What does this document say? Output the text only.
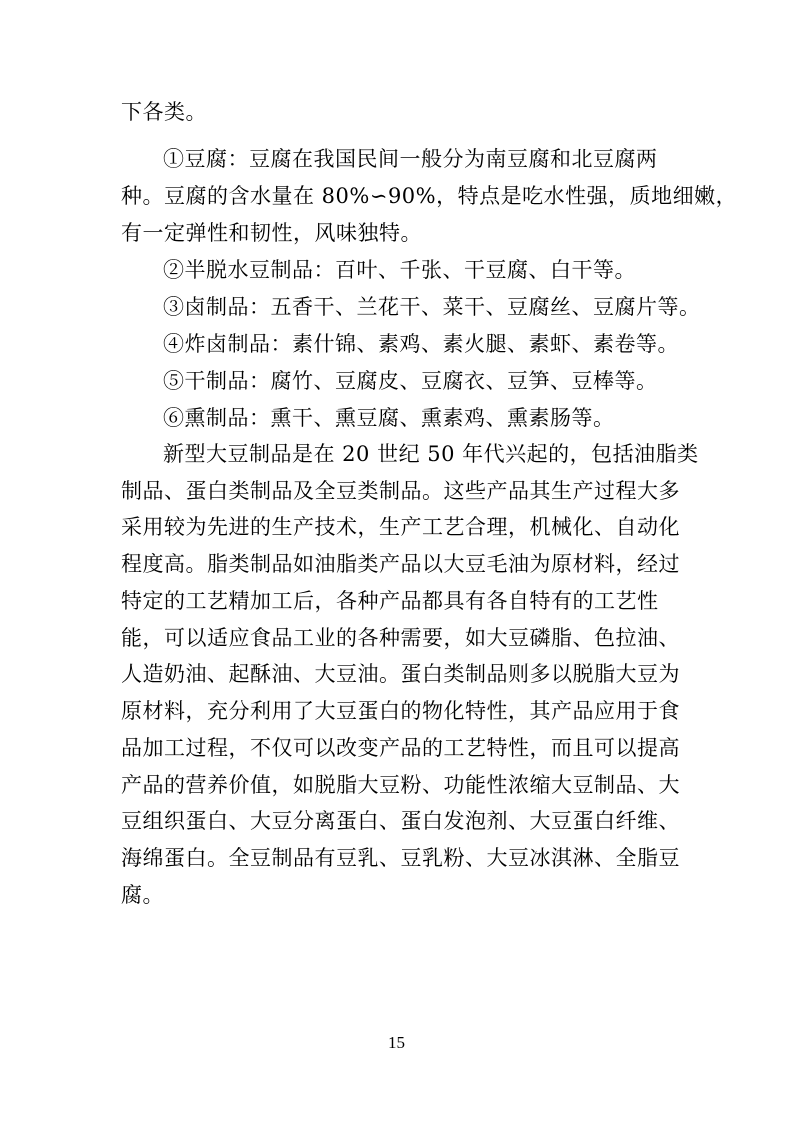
下各类。
①豆腐：豆腐在我国民间一般分为南豆腐和北豆腐两
种。豆腐的含水量在 80%∽90%，特点是吃水性强，质地细嫩，
有一定弹性和韧性，风味独特。
②半脱水豆制品：百叶、千张、干豆腐、白干等。
③卤制品：五香干、兰花干、菜干、豆腐丝、豆腐片等。
④炸卤制品：素什锦、素鸡、素火腿、素虾、素卷等。
⑤干制品：腐竹、豆腐皮、豆腐衣、豆笋、豆棒等。
⑥熏制品：熏干、熏豆腐、熏素鸡、熏素肠等。
新型大豆制品是在 20 世纪 50 年代兴起的，包括油脂类
制品、蛋白类制品及全豆类制品。这些产品其生产过程大多
采用较为先进的生产技术，生产工艺合理，机械化、自动化
程度高。脂类制品如油脂类产品以大豆毛油为原材料，经过
特定的工艺精加工后，各种产品都具有各自特有的工艺性
能，可以适应食品工业的各种需要，如大豆磷脂、色拉油、
人造奶油、起酥油、大豆油。蛋白类制品则多以脱脂大豆为
原材料，充分利用了大豆蛋白的物化特性，其产品应用于食
品加工过程，不仅可以改变产品的工艺特性，而且可以提高
产品的营养价值，如脱脂大豆粉、功能性浓缩大豆制品、大
豆组织蛋白、大豆分离蛋白、蛋白发泡剂、大豆蛋白纤维、
海绵蛋白。全豆制品有豆乳、豆乳粉、大豆冰淇淋、全脂豆
腐。
15
